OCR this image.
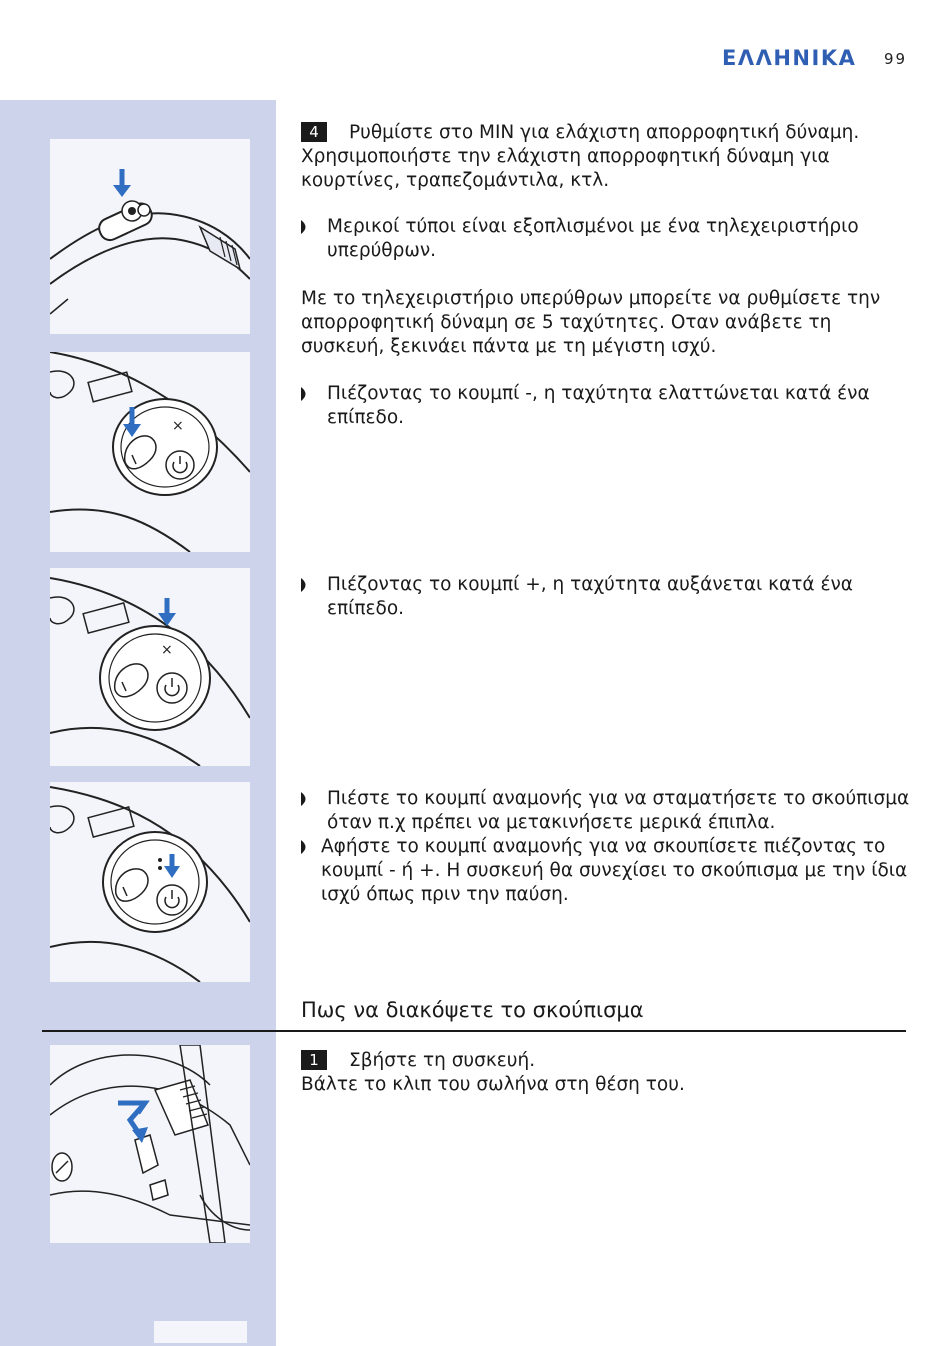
ΕΛΛΗΝΙΚΑ 99
×
×
4 Ρυθμίστε στο MIN για ελάχιστη απορροφητική δύναμη.
Χρησιμοποιήστε την ελάχιστη απορροφητική δύναμη για κουρτίνες, τραπεζομάντιλα, κτλ.
Μερικοί τύποι είναι εξοπλισμένοι με ένα τηλεχειριστήριο υπερύθρων.
Με το τηλεχειριστήριο υπερύθρων μπορείτε να ρυθμίσετε την απορροφητική δύναμη σε 5 ταχύτητες. Οταν ανάβετε τη συσκευή, ξεκινάει πάντα με τη μέγιστη ισχύ.
Πιέζοντας το κουμπί -, η ταχύτητα ελαττώνεται κατά ένα επίπεδο.
Πιέζοντας το κουμπί +, η ταχύτητα αυξάνεται κατά ένα επίπεδο.
Πιέστε το κουμπί αναμονής για να σταματήσετε το σκούπισμα όταν π.χ πρέπει να μετακινήσετε μερικά έπιπλα.
Αφήστε το κουμπί αναμονής για να σκουπίσετε πιέζοντας το κουμπί - ή +. Η συσκευή θα συνεχίσει το σκούπισμα με την ίδια ισχύ όπως πριν την παύση.
Πως να διακόψετε το σκούπισμα
1 Σβήστε τη συσκευή.
Βάλτε το κλιπ του σωλήνα στη θέση του.
